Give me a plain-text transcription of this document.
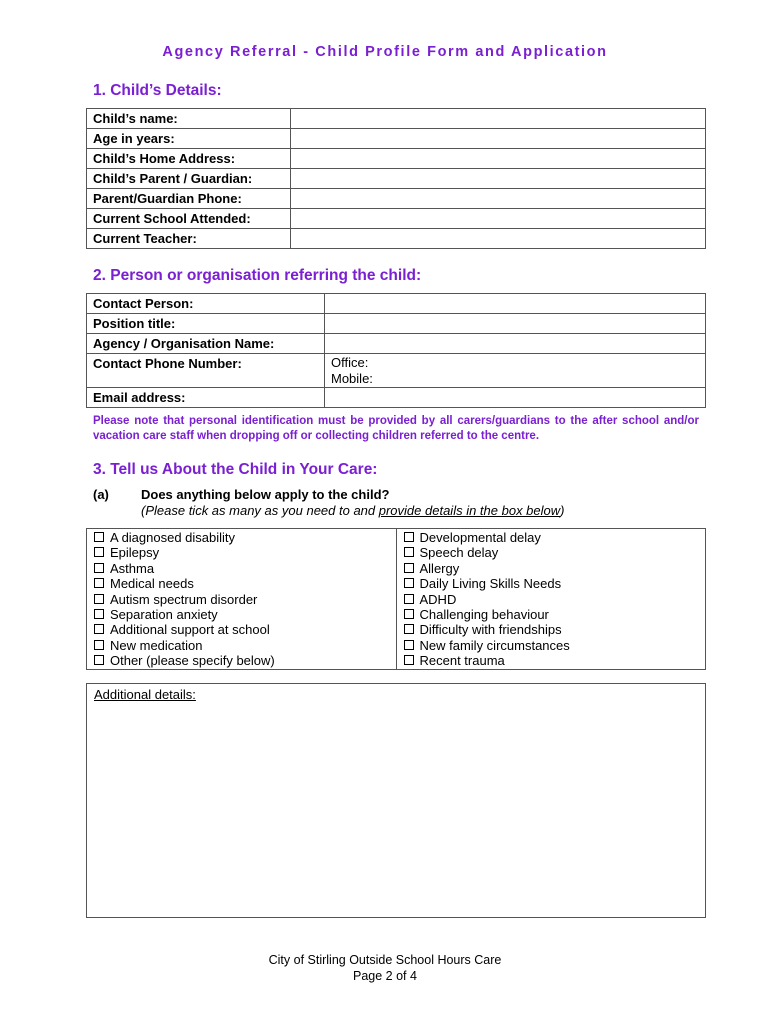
Agency Referral - Child Profile Form and Application
1. Child’s Details:
Child’s name:	
Age in years:	
Child’s Home Address:	
Child’s Parent / Guardian:	
Parent/Guardian Phone:	
Current School Attended:	
Current Teacher:	
2. Person or organisation referring the child:
Contact Person:	
Position title:	
Agency / Organisation Name:	
Contact Phone Number:	Office:
Mobile:

Email address:	
Please note that personal identification must be provided by all carers/guardians to the after school and/or vacation care staff when dropping off or collecting children referred to the centre.
3. Tell us About the Child in Your Care:
(a) Does anything below apply to the child?
(Please tick as many as you need to and provide details in the box below)
A diagnosed disability
Epilepsy
Asthma
Medical needs
Autism spectrum disorder
Separation anxiety
Additional support at school
New medication
Other (please specify below)
Developmental delay
Speech delay
Allergy
Daily Living Skills Needs
ADHD
Challenging behaviour
Difficulty with friendships
New family circumstances
Recent trauma
Additional details:
City of Stirling Outside School Hours Care
Page 2 of 4
